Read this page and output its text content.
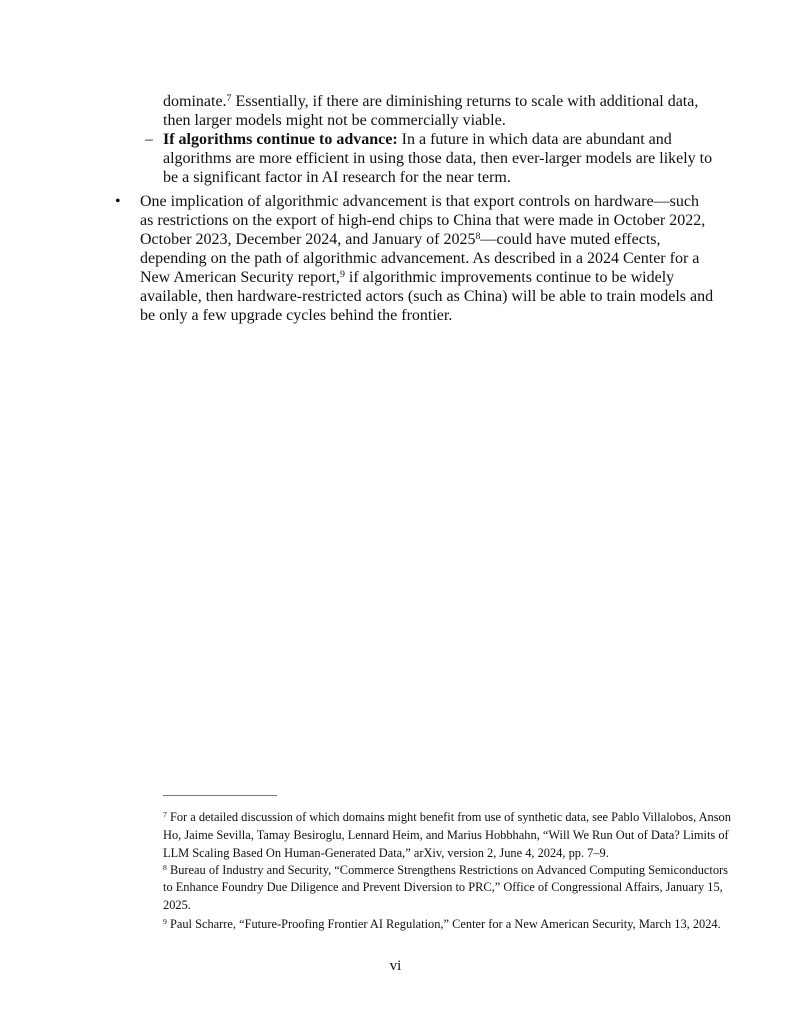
dominate.$^7$ Essentially, if there are diminishing returns to scale with additional data,
then larger models might not be commercially viable.
– If algorithms continue to advance: In a future in which data are abundant and
algorithms are more efficient in using those data, then ever-larger models are likely to
be a significant factor in AI research for the near term.
• One implication of algorithmic advancement is that export controls on hardware—such
as restrictions on the export of high-end chips to China that were made in October 2022,
October 2023, December 2024, and January of 2025$^8$—could have muted effects,
depending on the path of algorithmic advancement. As described in a 2024 Center for a
New American Security report,$^9$ if algorithmic improvements continue to be widely
available, then hardware-restricted actors (such as China) will be able to train models and
be only a few upgrade cycles behind the frontier.
$^7$ For a detailed discussion of which domains might benefit from use of synthetic data, see Pablo Villalobos, Anson
Ho, Jaime Sevilla, Tamay Besiroglu, Lennard Heim, and Marius Hobbhahn, “Will We Run Out of Data? Limits of
LLM Scaling Based On Human-Generated Data,” arXiv, version 2, June 4, 2024, pp. 7–9.
$^8$ Bureau of Industry and Security, “Commerce Strengthens Restrictions on Advanced Computing Semiconductors
to Enhance Foundry Due Diligence and Prevent Diversion to PRC,” Office of Congressional Affairs, January 15,
2025.
$^9$ Paul Scharre, “Future-Proofing Frontier AI Regulation,” Center for a New American Security, March 13, 2024.
vi
